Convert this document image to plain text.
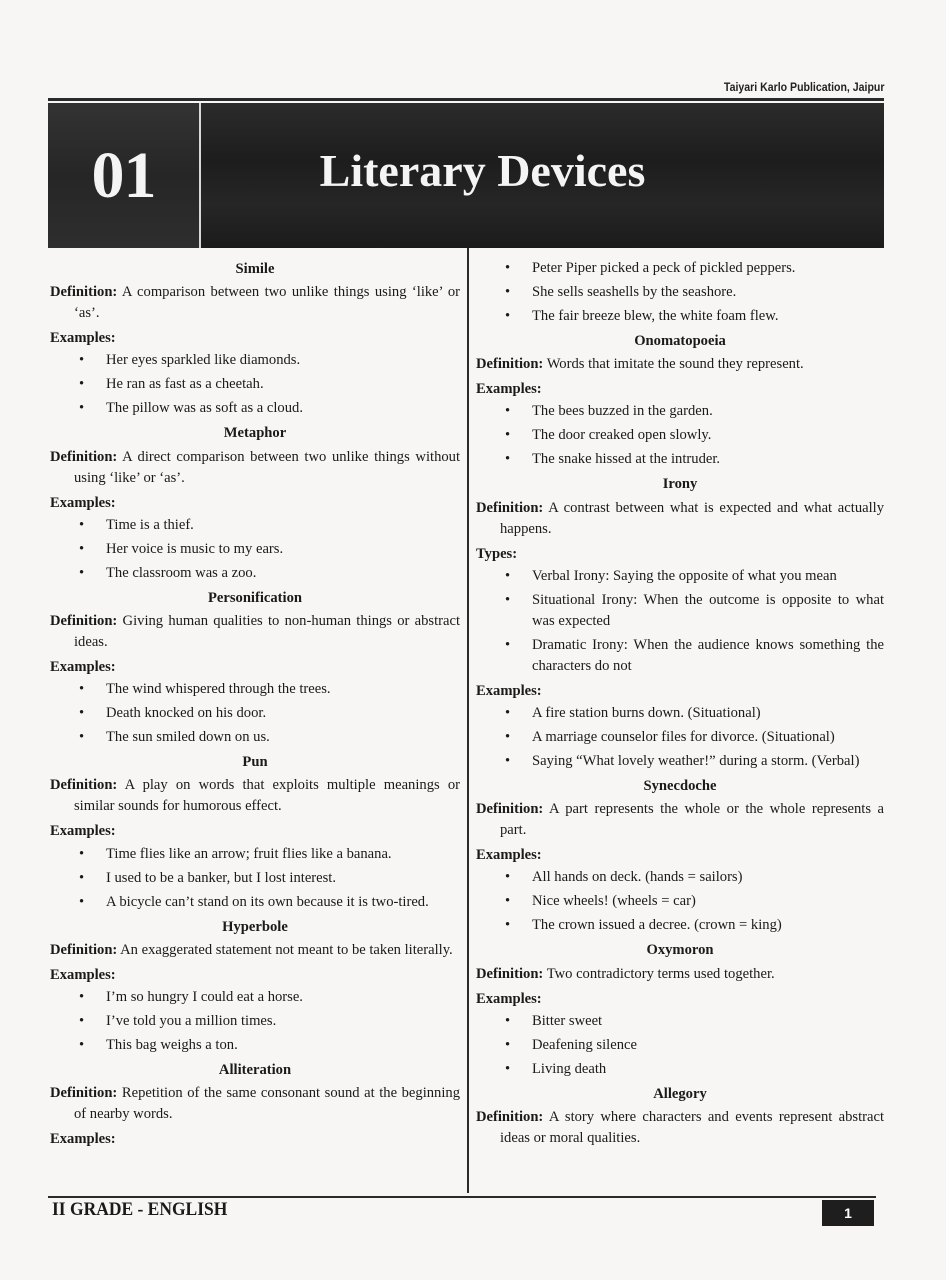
Taiyari Karlo Publication, Jaipur
01	Literary Devices
Simile
Definition: A comparison between two unlike things using ‘like’ or ‘as’.
Examples:
• Her eyes sparkled like diamonds.
• He ran as fast as a cheetah.
• The pillow was as soft as a cloud.
Metaphor
Definition: A direct comparison between two unlike things without using ‘like’ or ‘as’.
Examples:
• Time is a thief.
• Her voice is music to my ears.
• The classroom was a zoo.
Personification
Definition: Giving human qualities to non-human things or abstract ideas.
Examples:
• The wind whispered through the trees.
• Death knocked on his door.
• The sun smiled down on us.
Pun
Definition: A play on words that exploits multiple meanings or similar sounds for humorous effect.
Examples:
• Time flies like an arrow; fruit flies like a banana.
• I used to be a banker, but I lost interest.
• A bicycle can’t stand on its own because it is two-tired.
Hyperbole
Definition: An exaggerated statement not meant to be taken literally.
Examples:
• I’m so hungry I could eat a horse.
• I’ve told you a million times.
• This bag weighs a ton.
Alliteration
Definition: Repetition of the same consonant sound at the beginning of nearby words.
Examples:
• Peter Piper picked a peck of pickled peppers.
• She sells seashells by the seashore.
• The fair breeze blew, the white foam flew.
Onomatopoeia
Definition: Words that imitate the sound they represent.
Examples:
• The bees buzzed in the garden.
• The door creaked open slowly.
• The snake hissed at the intruder.
Irony
Definition: A contrast between what is expected and what actually happens.
Types:
• Verbal Irony: Saying the opposite of what you mean
• Situational Irony: When the outcome is opposite to what was expected
• Dramatic Irony: When the audience knows something the characters do not
Examples:
• A fire station burns down. (Situational)
• A marriage counselor files for divorce. (Situational)
• Saying “What lovely weather!” during a storm. (Verbal)
Synecdoche
Definition: A part represents the whole or the whole represents a part.
Examples:
• All hands on deck. (hands = sailors)
• Nice wheels! (wheels = car)
• The crown issued a decree. (crown = king)
Oxymoron
Definition: Two contradictory terms used together.
Examples:
• Bitter sweet
• Deafening silence
• Living death
Allegory
Definition: A story where characters and events represent abstract ideas or moral qualities.
II GRADE - ENGLISH	1
